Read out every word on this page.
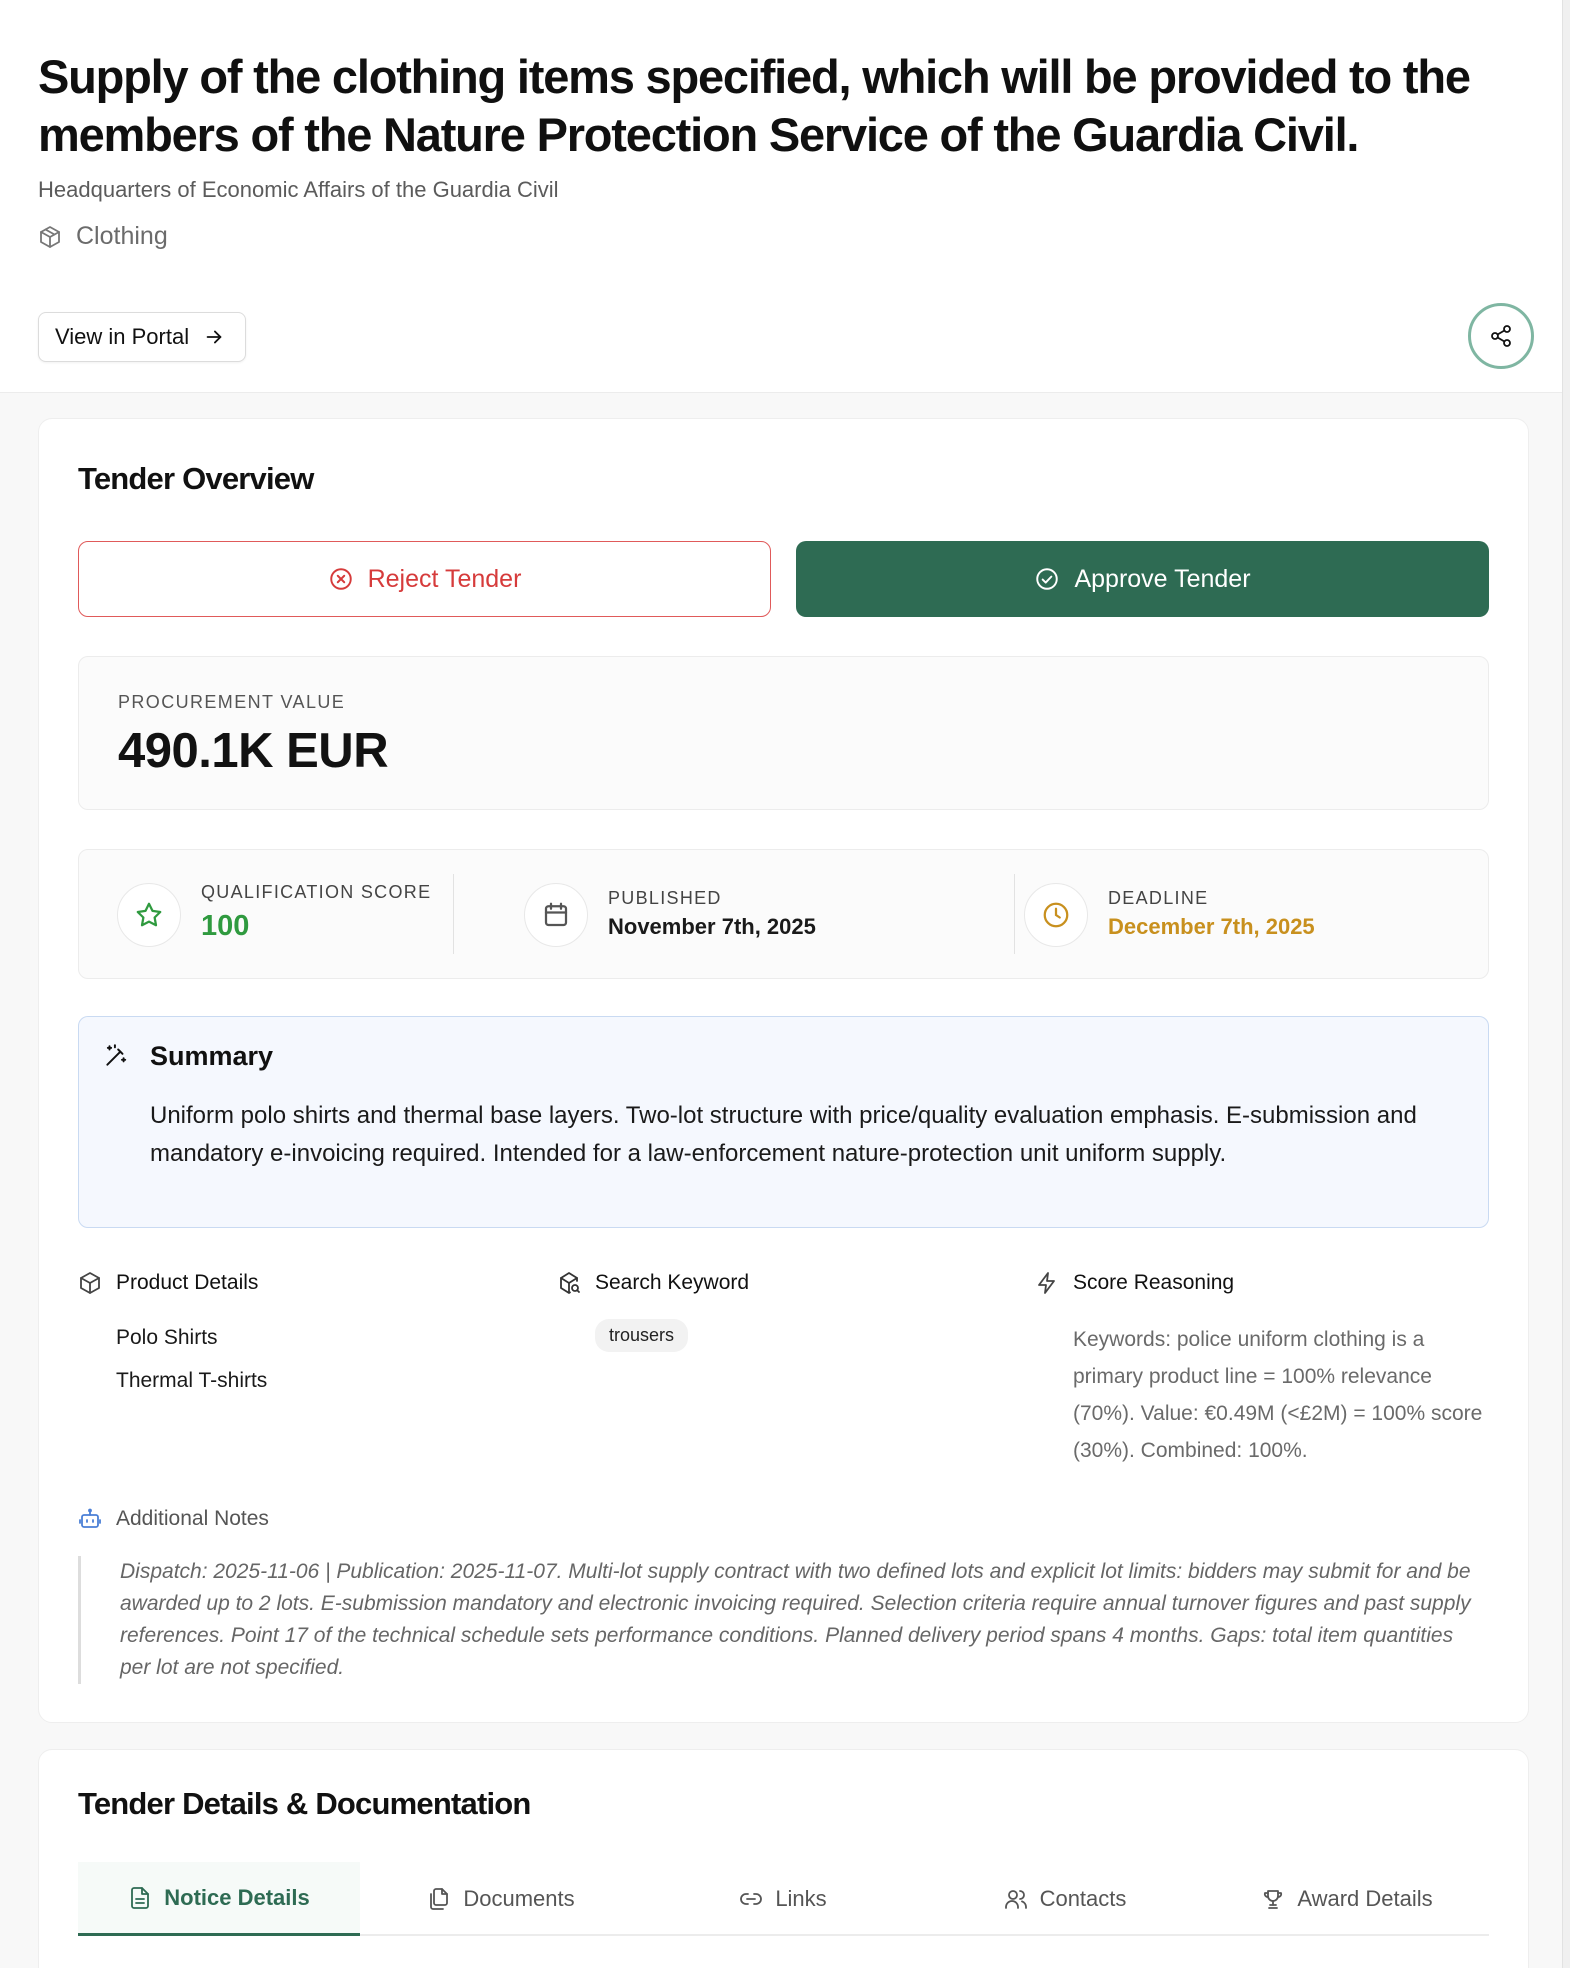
Supply of the clothing items specified, which will be provided to the members of the Nature Protection Service of the Guardia Civil.
Headquarters of Economic Affairs of the Guardia Civil
Clothing
View in Portal
Tender Overview
Reject Tender	Approve Tender
PROCUREMENT VALUE
490.1K EUR
QUALIFICATION SCORE
100
PUBLISHED
November 7th, 2025
DEADLINE
December 7th, 2025
Summary

Uniform polo shirts and thermal base layers. Two-lot structure with price/quality evaluation emphasis. E-submission and mandatory e-invoicing required. Intended for a law-enforcement nature-protection unit uniform supply.

Product Details
Polo Shirts
Thermal T-shirts
Search Keyword
trousers
Score Reasoning

Keywords: police uniform clothing is a primary product line = 100% relevance (70%). Value: €0.49M (<£2M) = 100% score (30%). Combined: 100%.

Additional Notes

Dispatch: 2025-11-06 | Publication: 2025-11-07. Multi-lot supply contract with two defined lots and explicit lot limits: bidders may submit for and be awarded up to 2 lots. E-submission mandatory and electronic invoicing required. Selection criteria require annual turnover figures and past supply references. Point 17 of the technical schedule sets performance conditions. Planned delivery period spans 4 months. Gaps: total item quantities per lot are not specified.

Tender Details & Documentation
Notice Details	Documents	Links	Contacts	Award Details
